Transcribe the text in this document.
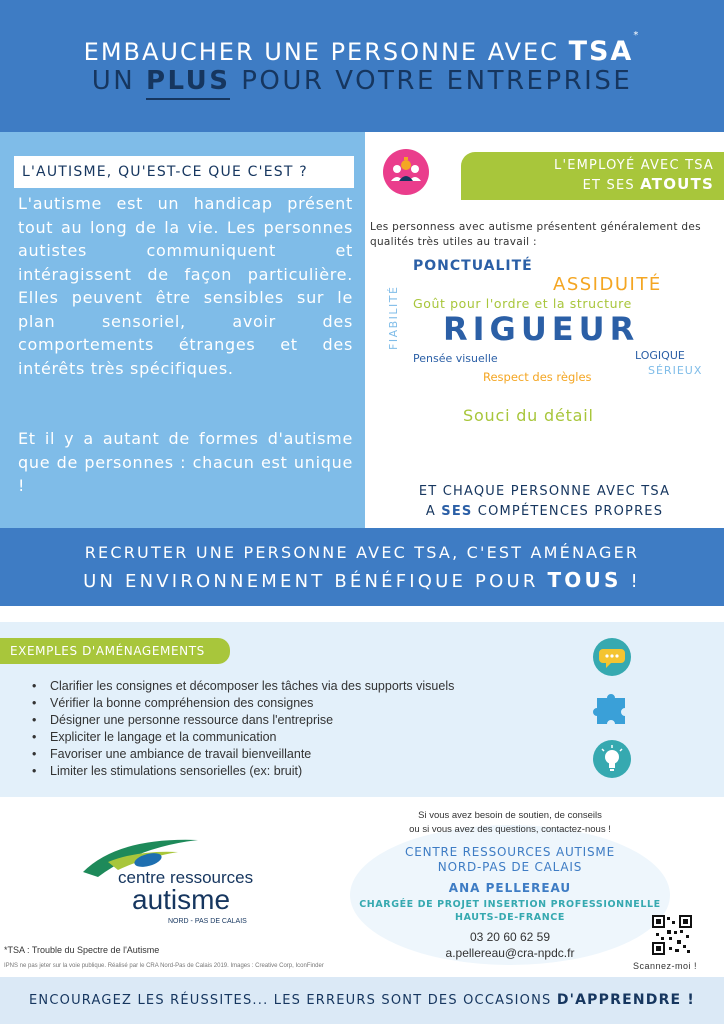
EMBAUCHER UNE PERSONNE AVEC TSA*
UN PLUS POUR VOTRE ENTREPRISE
L'AUTISME, QU'EST-CE QUE C'EST ?
L'autisme est un handicap présent tout au long de la vie. Les personnes autistes communiquent et intéragissent de façon particulière. Elles peuvent être sensibles sur le plan sensoriel, avoir des comportements étranges et des intérêts très spécifiques.
Et il y a autant de formes d'autisme que de personnes : chacun est unique !
L'EMPLOYÉ AVEC TSA
ET SES ATOUTS
Les personness avec autisme présentent généralement des qualités très utiles au travail :
PONCTUALITÉ
ASSIDUITÉ
FIABILITÉ Goût pour l'ordre et la structure
RIGUEUR
Pensée visuelle
Respect des règles	SÉRIEUX
Souci du détail
LOGIQUE
ET CHAQUE PERSONNE AVEC TSA
A SES COMPÉTENCES PROPRES
RECRUTER UNE PERSONNE AVEC TSA, C'EST AMÉNAGER
UN ENVIRONNEMENT BÉNÉFIQUE POUR TOUS !
EXEMPLES D'AMÉNAGEMENTS
• Clarifier les consignes et décomposer les tâches via des supports visuels
• Vérifier la bonne compréhension des consignes
• Désigner une personne ressource dans l'entreprise
• Expliciter le langage et la communication
• Favoriser une ambiance de travail bienveillante
• Limiter les stimulations sensorielles (ex: bruit)
centre ressources
autisme
NORD - PAS DE CALAIS
*TSA : Trouble du Spectre de l'Autisme
IPNS ne pas jeter sur la voie publique. Réalisé par le CRA Nord-Pas de Calais 2019. Images : Creative Corp, IconFinder
Si vous avez besoin de soutien, de conseils
ou si vous avez des questions, contactez-nous !
CENTRE RESSOURCES AUTISME
NORD-PAS DE CALAIS
ANA PELLEREAU
CHARGÉE DE PROJET INSERTION PROFESSIONNELLE
HAUTS-DE-FRANCE
03 20 60 62 59
a.pellereau@cra-npdc.fr
Scannez-moi !
ENCOURAGEZ LES RÉUSSITES... LES ERREURS SONT DES OCCASIONS D'APPRENDRE !
